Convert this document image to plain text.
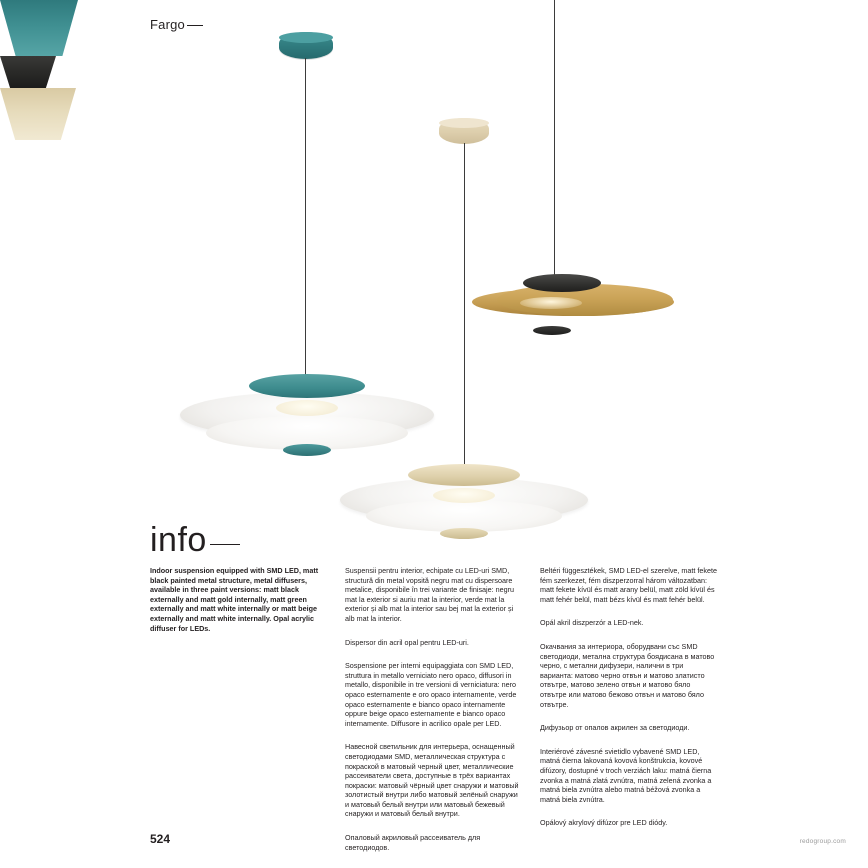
Fargo
info

Indoor suspension equipped with SMD LED, matt black painted metal structure, metal diffusers, available in three paint versions: matt black externally and matt gold internally, matt green externally and matt white internally or matt beige externally and matt white internally. Opal acrylic diffuser for LEDs.

Suspensii pentru interior, echipate cu LED-uri SMD, structură din metal vopsită negru mat cu dispersoare metalice, disponibile în trei variante de finisaje: negru mat la exterior si auriu mat la interior, verde mat la exterior și alb mat la interior sau bej mat la exterior și alb mat la interior.

Dispersor din acril opal pentru LED-uri.

Sospensione per interni equipaggiata con SMD LED, struttura in metallo verniciato nero opaco, diffusori in metallo, disponibile in tre versioni di verniciatura: nero opaco esternamente e oro opaco internamente, verde opaco esternamente e bianco opaco internamente oppure beige opaco esternamente e bianco opaco internamente. Diffusore in acrilico opale per LED.

Навесной светильник для интерьера, оснащенный светодиодами SMD, металлическая структура с покраской в матовый черный цвет, металлические рассеиватели света, доступные в трёх вариантах покраски: матовый чёрный цвет снаружи и матовый золотистый внутри либо матовый зелёный снаружи и матовый белый внутри или матовый бежевый снаружи и матовый белый внутри.

Опаловый акриловый рассеиватель для светодиодов.

Beltéri függesztékek, SMD LED-el szerelve, matt fekete fém szerkezet, fém diszperzorral három változatban: matt fekete kívül és matt arany belül, matt zöld kívül és matt fehér belül, matt bézs kívül és matt fehér belül.

Opál akril diszperzór a LED-nek.

Окачвания за интериора, оборудвани със SMD светодиоди, метална структура боядисана в матово черно, с метални дифузери, налични в три варианта: матово черно отвън и матово златисто отвътре, матово зелено отвън и матово бяло отвътре или матово бежово отвън и матово бяло отвътре.

Дифузьор от опалов акрилен за светодиоди.

Interiérové závesné svietidlo vybavené SMD LED, matná čierna lakovaná kovová konštrukcia, kovové difúzory, dostupné v troch verziách laku: matná čierna zvonka a matná zlatá zvnútra, matná zelená zvonka a matná biela zvnútra alebo matná béžová zvonka a matná biela zvnútra.

Opálový akrylový difúzor pre LED diódy.

524	redogroup.com
